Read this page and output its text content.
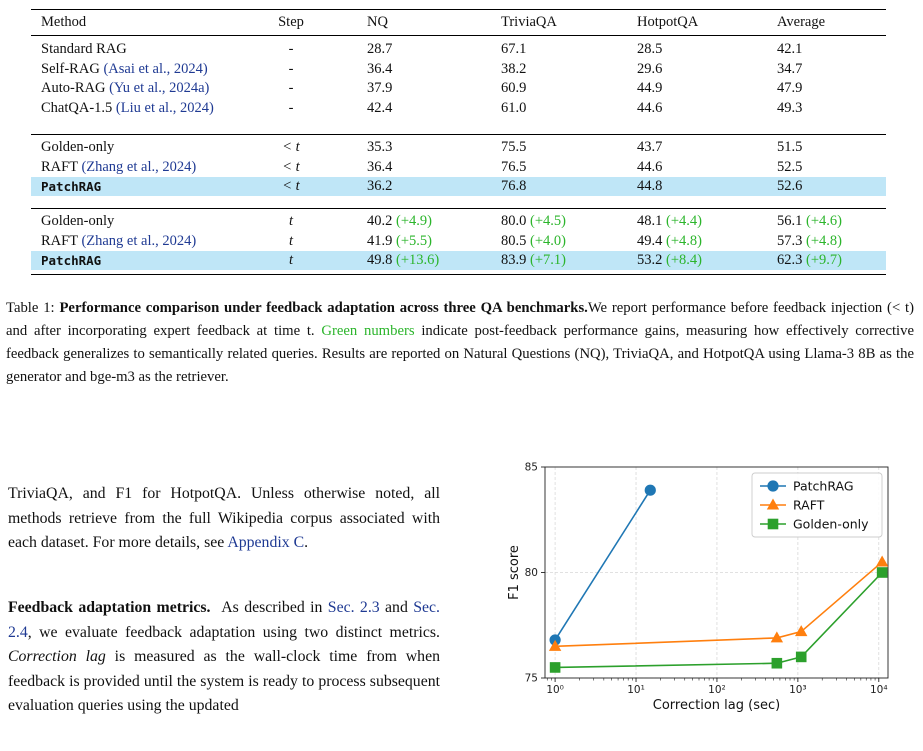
Method	Step	NQ	TriviaQA	HotpotQA	Average
Standard RAG	-	28.7	67.1	28.5	42.1
Self-RAG (Asai et al., 2024)	-	36.4	38.2	29.6	34.7
Auto-RAG (Yu et al., 2024a)	-	37.9	60.9	44.9	47.9
ChatQA-1.5 (Liu et al., 2024)	-	42.4	61.0	44.6	49.3
Golden-only	< t	35.3	75.5	43.7	51.5
RAFT (Zhang et al., 2024)	< t	36.4	76.5	44.6	52.5
PatchRAG	< t	36.2	76.8	44.8	52.6
Golden-only	t	40.2 (+4.9)	80.0 (+4.5)	48.1 (+4.4)	56.1 (+4.6)
RAFT (Zhang et al., 2024)	t	41.9 (+5.5)	80.5 (+4.0)	49.4 (+4.8)	57.3 (+4.8)
PatchRAG	t	49.8 (+13.6)	83.9 (+7.1)	53.2 (+8.4)	62.3 (+9.7)
Table 1: Performance comparison under feedback adaptation across three QA benchmarks.We report performance before feedback injection (< t) and after incorporating expert feedback at time t. Green numbers indicate post-feedback performance gains, measuring how effectively corrective feedback generalizes to semantically related queries. Results are reported on Natural Questions (NQ), TriviaQA, and HotpotQA using Llama-3 8B as the generator and bge-m3 as the retriever.
TriviaQA, and F1 for HotpotQA. Unless otherwise noted, all methods retrieve from the full Wikipedia corpus associated with each dataset. For more details, see Appendix C.
Feedback adaptation metrics. As described in Sec. 2.3 and Sec. 2.4, we evaluate feedback adaptation using two distinct metrics. Correction lag is measured as the wall-clock time from when feedback is provided until the system is ready to process subsequent evaluation queries using the updated
10⁰	10¹	10²	10³	10⁴
75
80
85
Correction lag (sec)
F1 score
PatchRAG
RAFT
Golden-only
